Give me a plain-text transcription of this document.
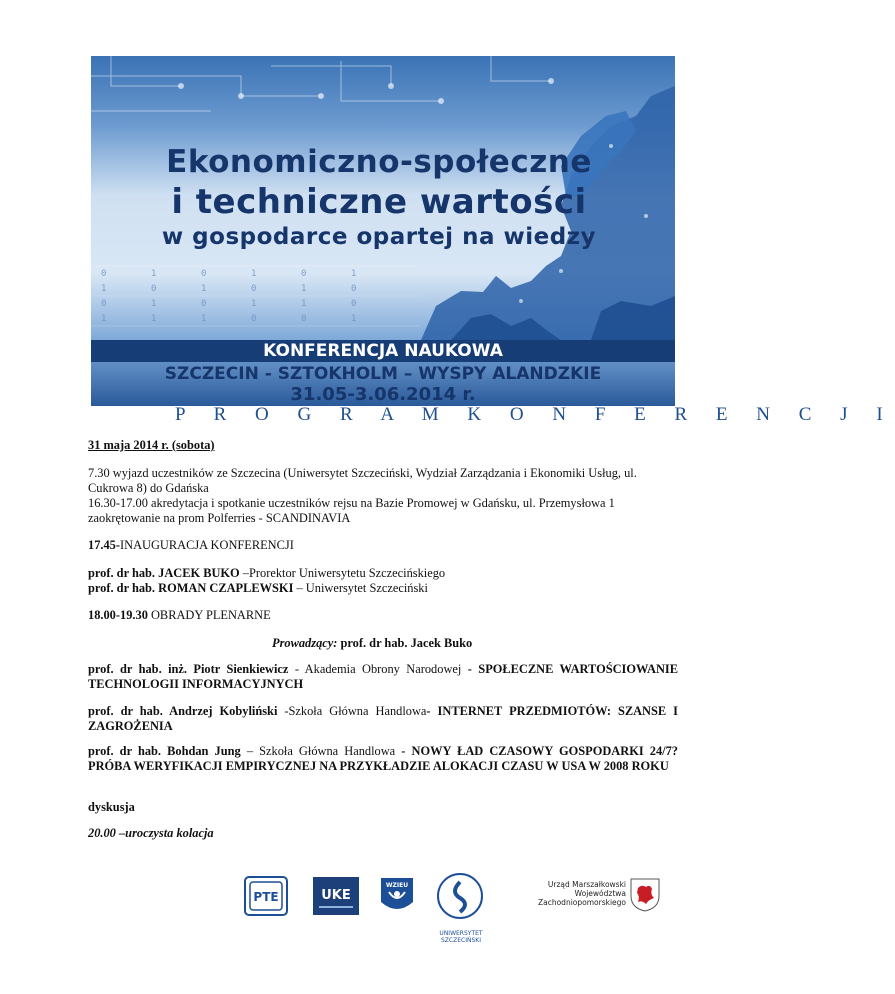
0
1
0
1
1
0
1
1
0
1
0
1
1
0
1
0
0
1
1
0
1
0
0
1
Ekonomiczno-społeczne
i techniczne wartości
w gospodarce opartej na wiedzy
KONFERENCJA NAUKOWA
SZCZECIN - SZTOKHOLM – WYSPY ALANDZKIE
31.05-3.06.2014 r.
P R O G R A M K O N F E R E N C J I
31 maja 2014 r. (sobota)
7.30 wyjazd uczestników ze Szczecina (Uniwersytet Szczeciński, Wydział Zarządzania i Ekonomiki Usług, ul.
Cukrowa 8) do Gdańska
16.30-17.00 akredytacja i spotkanie uczestników rejsu na Bazie Promowej w Gdańsku, ul. Przemysłowa 1
zaokrętowanie na prom Polferries - SCANDINAVIA
17.45-INAUGURACJA KONFERENCJI
prof. dr hab. JACEK BUKO –Prorektor Uniwersytetu Szczecińskiego
prof. dr hab. ROMAN CZAPLEWSKI – Uniwersytet Szczeciński
18.00-19.30 OBRADY PLENARNE
Prowadzący: prof. dr hab. Jacek Buko
prof. dr hab. inż. Piotr Sienkiewicz - Akademia Obrony Narodowej - SPOŁECZNE WARTOŚCIOWANIE TECHNOLOGII INFORMACYJNYCH
prof. dr hab. Andrzej Kobyliński -Szkoła Główna Handlowa- INTERNET PRZEDMIOTÓW: SZANSE I ZAGROŻENIA
prof. dr hab. Bohdan Jung – Szkoła Główna Handlowa - NOWY ŁAD CZASOWY GOSPODARKI 24/7? PRÓBA WERYFIKACJI EMPIRYCZNEJ NA PRZYKŁADZIE ALOKACJI CZASU W USA W 2008 ROKU
dyskusja
20.00 –uroczysta kolacja
PTE	UKE
WZIEU
UNIWERSYTET SZCZECIŃSKI
Urząd Marszałkowski
Województwa Zachodniopomorskiego
